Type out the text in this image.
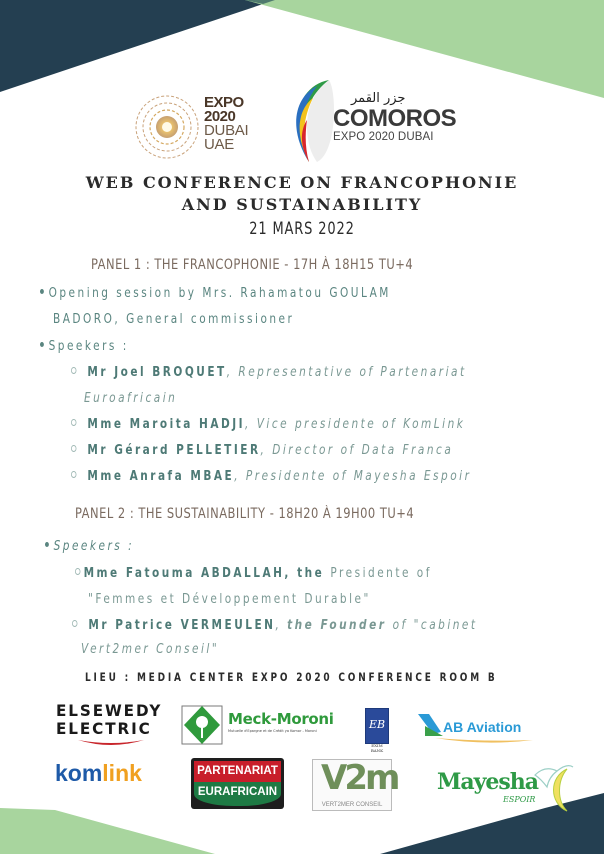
EXPO
2020
DUBAI
UAE
جزر القمر
COMOROS
EXPO 2020 DUBAI
WEB CONFERENCE ON FRANCOPHONIE
AND SUSTAINABILITY
21 MARS 2022
PANEL 1 : THE FRANCOPHONIE - 17H À 18H15 TU+4
Opening session by Mrs. Rahamatou GOULAM
BADORO, General commissioner
Speekers :
Mr Joel BROQUET, Representative of Partenariat
Euroafricain
Mme Maroita HADJI, Vice presidente of KomLink
Mr Gérard PELLETIER, Director of Data Franca
Mme Anrafa MBAE, Presidente of Mayesha Espoir
PANEL 2 : THE SUSTAINABILITY - 18H20 À 19H00 TU+4
Speekers :
Mme Fatouma ABDALLAH, the Presidente of
"Femmes et Développement Durable"
Mr Patrice VERMEULEN, the Founder of "cabinet
Vert2mer Conseil"
LIEU : MEDIA CENTER EXPO 2020 CONFERENCE ROOM B
ELSEWEDY
ELECTRIC	Meck-Moroni
Mutuelle d'Epargne et de Crédit ya Komor - Moroni	EB
EXIM BANK
AB Aviation
komlink	PARTENARIAT
EURAFRICAIN V2m
VERT2MER CONSEIL
Mayesha
ESPOIR
